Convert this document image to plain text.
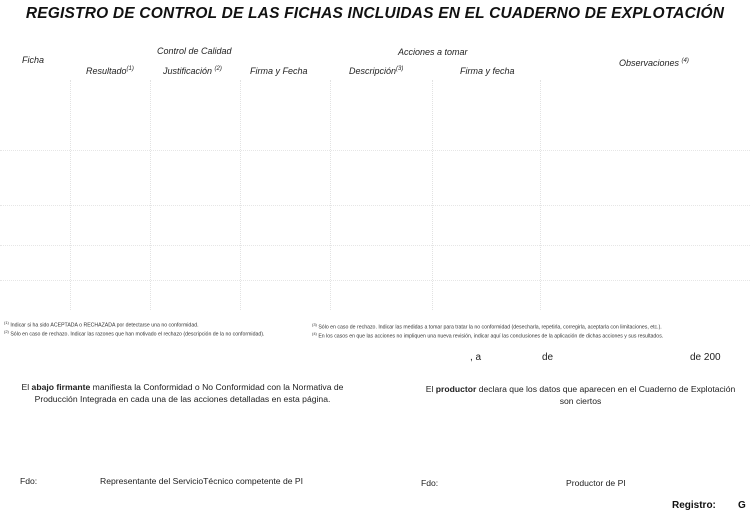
REGISTRO DE CONTROL DE LAS FICHAS INCLUIDAS EN EL CUADERNO DE EXPLOTACIÓN
Ficha
Control de Calidad
Resultado$^{(1)}$	Justificación $^{(2)}$	Firma y Fecha
Acciones a tomar
Descripción$^{(3)}$	Firma y fecha
Observaciones $^{(4)}$
$^{(1)}$ Indicar si ha sido ACEPTADA o RECHAZADA por detectarse una no conformidad.
$^{(2)}$ Sólo en caso de rechazo. Indicar las razones que han motivado el rechazo (descripción de la no conformidad).
$^{(3)}$ Sólo en caso de rechazo. Indicar las medidas a tomar para tratar la no conformidad (desecharla, repetirla, corregirla, aceptarla con limitaciones, etc.).
$^{(4)}$ En los casos en que las acciones no impliquen una nueva revisión, indicar aquí las conclusiones de la aplicación de dichas acciones y sus resultados.
, a	de	de 200
El abajo firmante manifiesta la Conformidad o No Conformidad con la Normativa de Producción Integrada en cada una de las acciones detalladas en esta página.
El productor declara que los datos que aparecen en el Cuaderno de Explotación son ciertos
Fdo:	Representante del ServicioTécnico competente de PI	Fdo:	Productor de PI
Registro: G
